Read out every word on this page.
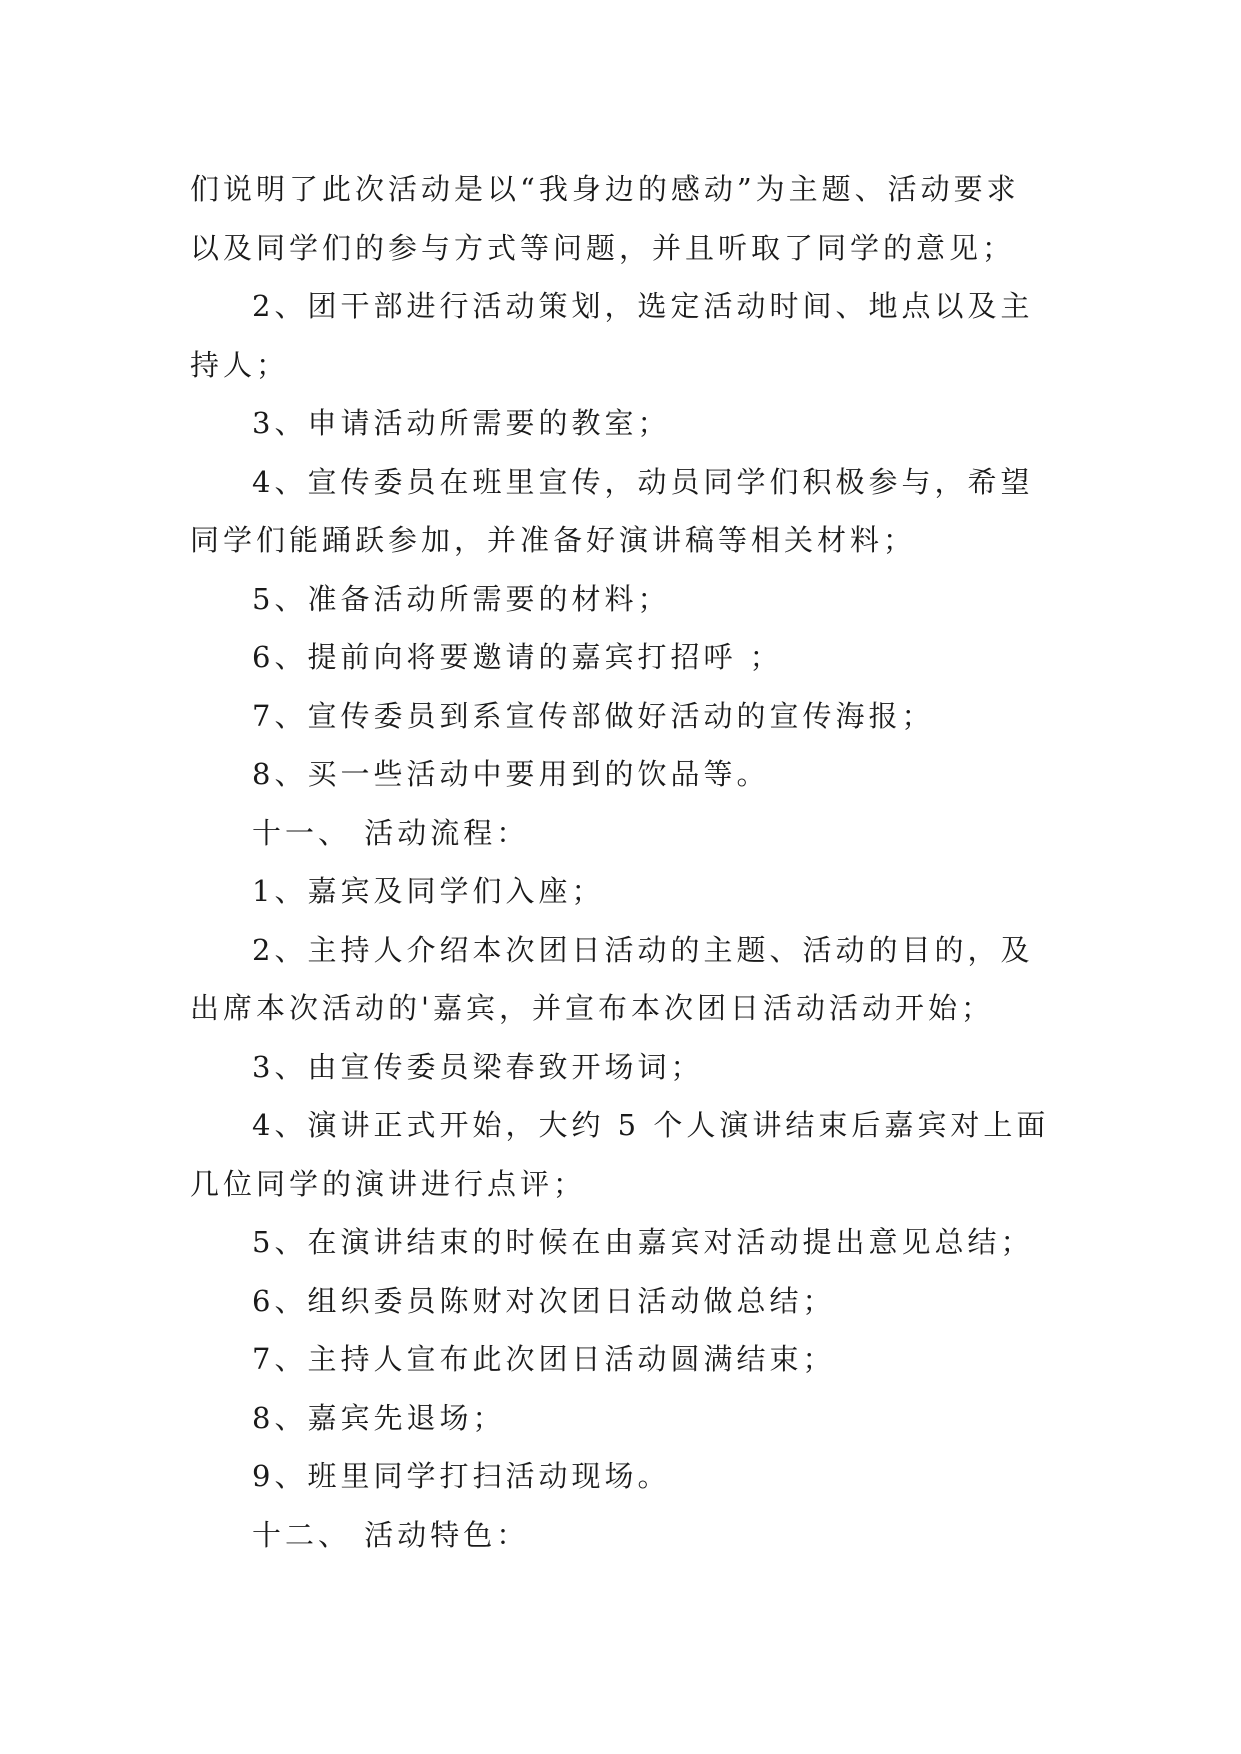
们说明了此次活动是以“我身边的感动”为主题、活动要求
以及同学们的参与方式等问题，并且听取了同学的意见；
2、团干部进行活动策划，选定活动时间、地点以及主
持人；
3、申请活动所需要的教室；
4、宣传委员在班里宣传，动员同学们积极参与，希望
同学们能踊跃参加，并准备好演讲稿等相关材料；
5、准备活动所需要的材料；
6、提前向将要邀请的嘉宾打招呼 ；
7、宣传委员到系宣传部做好活动的宣传海报；
8、买一些活动中要用到的饮品等。
十一、 活动流程：
1、嘉宾及同学们入座；
2、主持人介绍本次团日活动的主题、活动的目的，及
出席本次活动的'嘉宾，并宣布本次团日活动活动开始；
3、由宣传委员梁春致开场词；
4、演讲正式开始，大约 5 个人演讲结束后嘉宾对上面
几位同学的演讲进行点评；
5、在演讲结束的时候在由嘉宾对活动提出意见总结；
6、组织委员陈财对次团日活动做总结；
7、主持人宣布此次团日活动圆满结束；
8、嘉宾先退场；
9、班里同学打扫活动现场。
十二、 活动特色：
